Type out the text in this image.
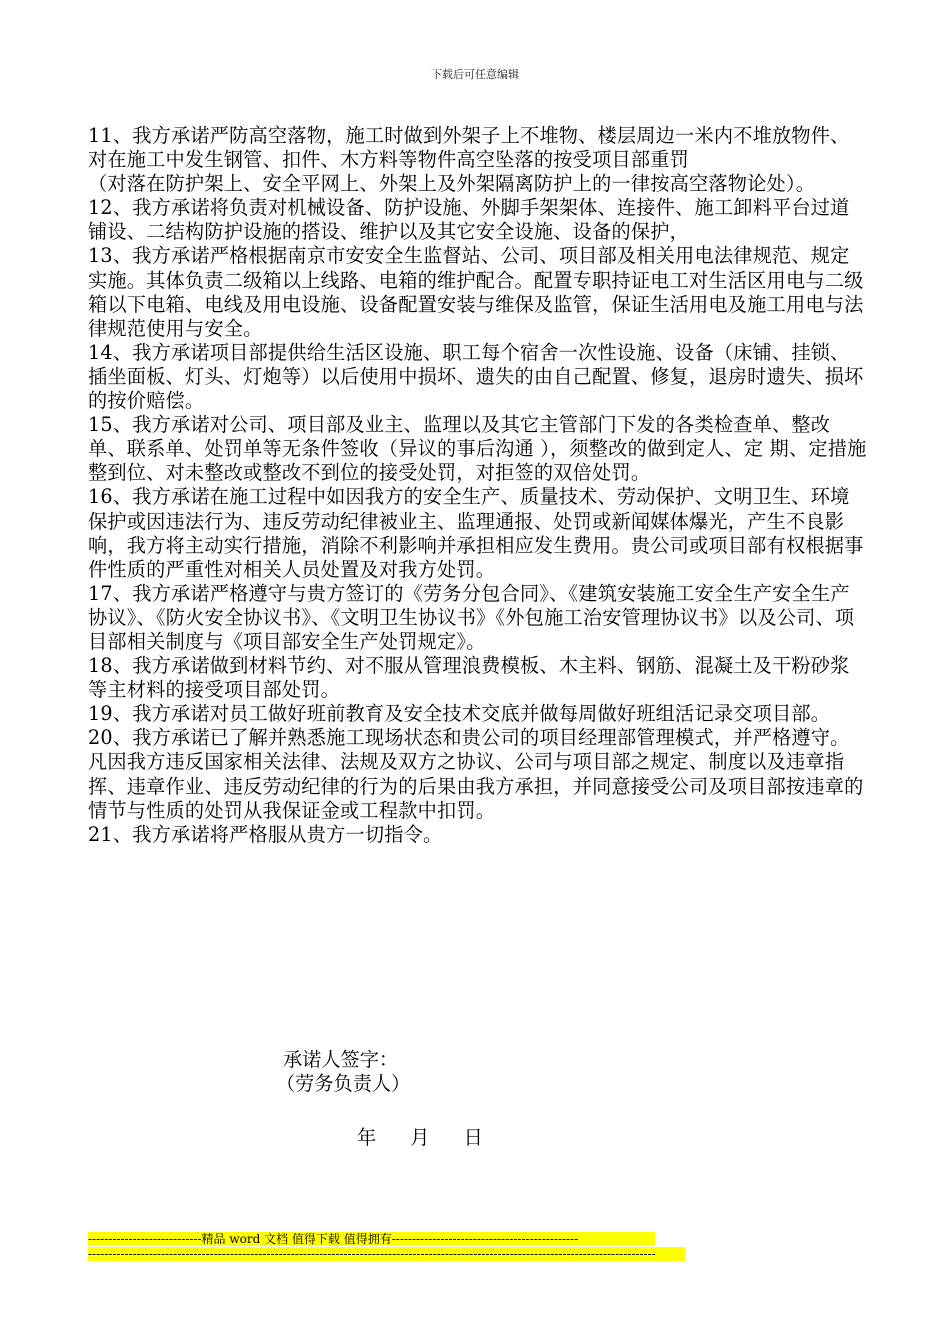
下载后可任意编辑

11、我方承诺严防高空落物，施工时做到外架子上不堆物、楼层周边一米内不堆放物件、对在施工中发生钢管、扣件、木方料等物件高空坠落的按受项目部重罚

（对落在防护架上、安全平网上、外架上及外架隔离防护上的一律按高空落物论处）。

12、我方承诺将负责对机械设备、防护设施、外脚手架架体、连接件、施工卸料平台过道铺设、二结构防护设施的搭设、维护以及其它安全设施、设备的保护，

13、我方承诺严格根据南京市安安全生监督站、公司、项目部及相关用电法律规范、规定实施。其体负责二级箱以上线路、电箱的维护配合。配置专职持证电工对生活区用电与二级箱以下电箱、电线及用电设施、设备配置安装与维保及监管，保证生活用电及施工用电与法律规范使用与安全。

14、我方承诺项目部提供给生活区设施、职工每个宿舍一次性设施、设备（床铺、挂锁、插坐面板、灯头、灯炮等）以后使用中损坏、遗失的由自己配置、修复，退房时遗失、损坏的按价赔偿。

15、我方承诺对公司、项目部及业主、监理以及其它主管部门下发的各类检查单、整改单、联系单、处罚单等无条件签收（异议的事后沟通 ），须整改的做到定人、定 期、定措施整到位、对未整改或整改不到位的接受处罚，对拒签的双倍处罚。

16、我方承诺在施工过程中如因我方的安全生产、质量技术、劳动保护、文明卫生、环境保护或因违法行为、违反劳动纪律被业主、监理通报、处罚或新闻媒体爆光，产生不良影响，我方将主动实行措施，消除不利影响并承担相应发生费用。贵公司或项目部有权根据事件性质的严重性对相关人员处置及对我方处罚。

17、我方承诺严格遵守与贵方签订的《劳务分包合同》、《建筑安装施工安全生产安全生产协议》、《防火安全协议书》、《文明卫生协议书》《外包施工治安管理协议书》以及公司、项目部相关制度与《项目部安全生产处罚规定》。

18、我方承诺做到材料节约、对不服从管理浪费模板、木主料、钢筋、混凝土及干粉砂浆等主材料的接受项目部处罚。

19、我方承诺对员工做好班前教育及安全技术交底并做每周做好班组活记录交项目部。

20、我方承诺已了解并熟悉施工现场状态和贵公司的项目经理部管理模式，并严格遵守。凡因我方违反国家相关法律、法规及双方之协议、公司与项目部之规定、制度以及违章指挥、违章作业、违反劳动纪律的行为的后果由我方承担，并同意接受公司及项目部按违章的情节与性质的处罚从我保证金或工程款中扣罚。

21、我方承诺将严格服从贵方一切指令。

承诺人签字：
（劳务负责人）
年 月 日
----------------------------精品 word 文档 值得下载 值得拥有----------------------------------------------
--------------------------------------------------------------------------------------------------------------------------------------------
